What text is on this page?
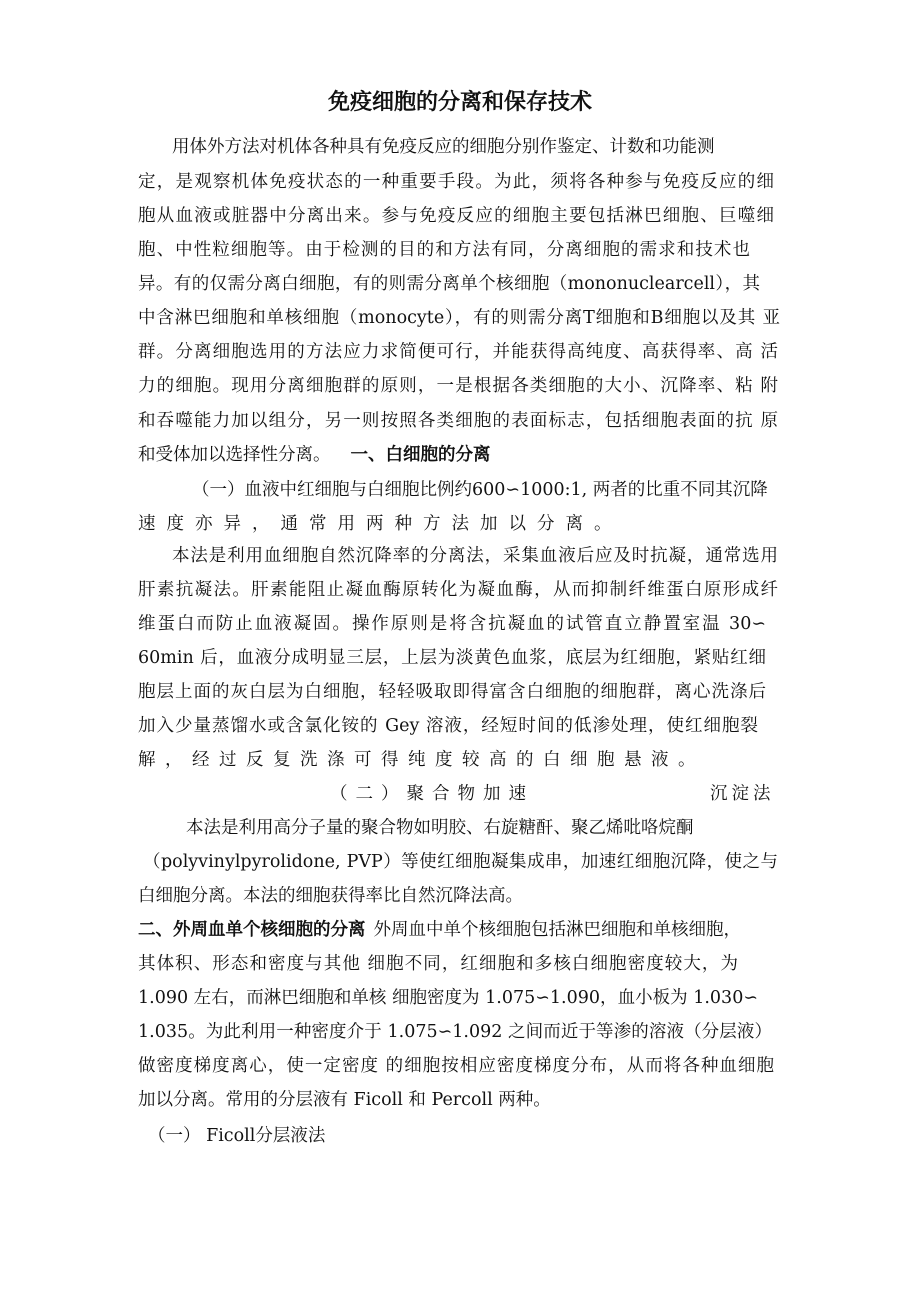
免疫细胞的分离和保存技术
用体外方法对机体各种具有免疫反应的细胞分别作鉴定、计数和功能测
定，是观察机体免疫状态的一种重要手段。为此，须将各种参与免疫反应的细
胞从血液或脏器中分离出来。参与免疫反应的细胞主要包括淋巴细胞、巨噬细
胞、中性粒细胞等。由于检测的目的和方法有同，分离细胞的需求和技术也
异。有的仅需分离白细胞，有的则需分离单个核细胞（mononuclearcell），其
中含淋巴细胞和单核细胞（monocyte），有的则需分离T细胞和B细胞以及其 亚
群。分离细胞选用的方法应力求简便可行，并能获得高纯度、高获得率、高 活
力的细胞。现用分离细胞群的原则，一是根据各类细胞的大小、沉降率、粘 附
和吞噬能力加以组分，另一则按照各类细胞的表面标志，包括细胞表面的抗 原
和受体加以选择性分离。 一、白细胞的分离
（一）血液中红细胞与白细胞比例约600∽1000:1, 两者的比重不同其沉降
速度亦异，通常用两种方法加以分离。
本法是利用血细胞自然沉降率的分离法，采集血液后应及时抗凝，通常选用
肝素抗凝法。肝素能阻止凝血酶原转化为凝血酶，从而抑制纤维蛋白原形成纤
维蛋白而防止血液凝固。操作原则是将含抗凝血的试管直立静置室温 30∽
60min 后，血液分成明显三层，上层为淡黄色血浆，底层为红细胞，紧贴红细
胞层上面的灰白层为白细胞，轻轻吸取即得富含白细胞的细胞群，离心洗涤后
加入少量蒸馏水或含氯化铵的 Gey 溶液，经短时间的低渗处理，使红细胞裂
解，经过反复洗涤可得纯度较高的白细胞悬液。
（二）聚合物加速	沉淀法
本法是利用高分子量的聚合物如明胶、右旋糖酐、聚乙烯吡咯烷酮
（polyvinylpyrolidone, PVP）等使红细胞凝集成串，加速红细胞沉降，使之与
白细胞分离。本法的细胞获得率比自然沉降法高。
二、外周血单个核细胞的分离 外周血中单个核细胞包括淋巴细胞和单核细胞，
其体积、形态和密度与其他 细胞不同，红细胞和多核白细胞密度较大，为
1.090 左右，而淋巴细胞和单核 细胞密度为 1.075∽1.090，血小板为 1.030∽
1.035。为此利用一种密度介于 1.075∽1.092 之间而近于等渗的溶液（分层液）
做密度梯度离心，使一定密度 的细胞按相应密度梯度分布，从而将各种血细胞
加以分离。常用的分层液有 Ficoll 和 Percoll 两种。
（一） Ficoll分层液法
